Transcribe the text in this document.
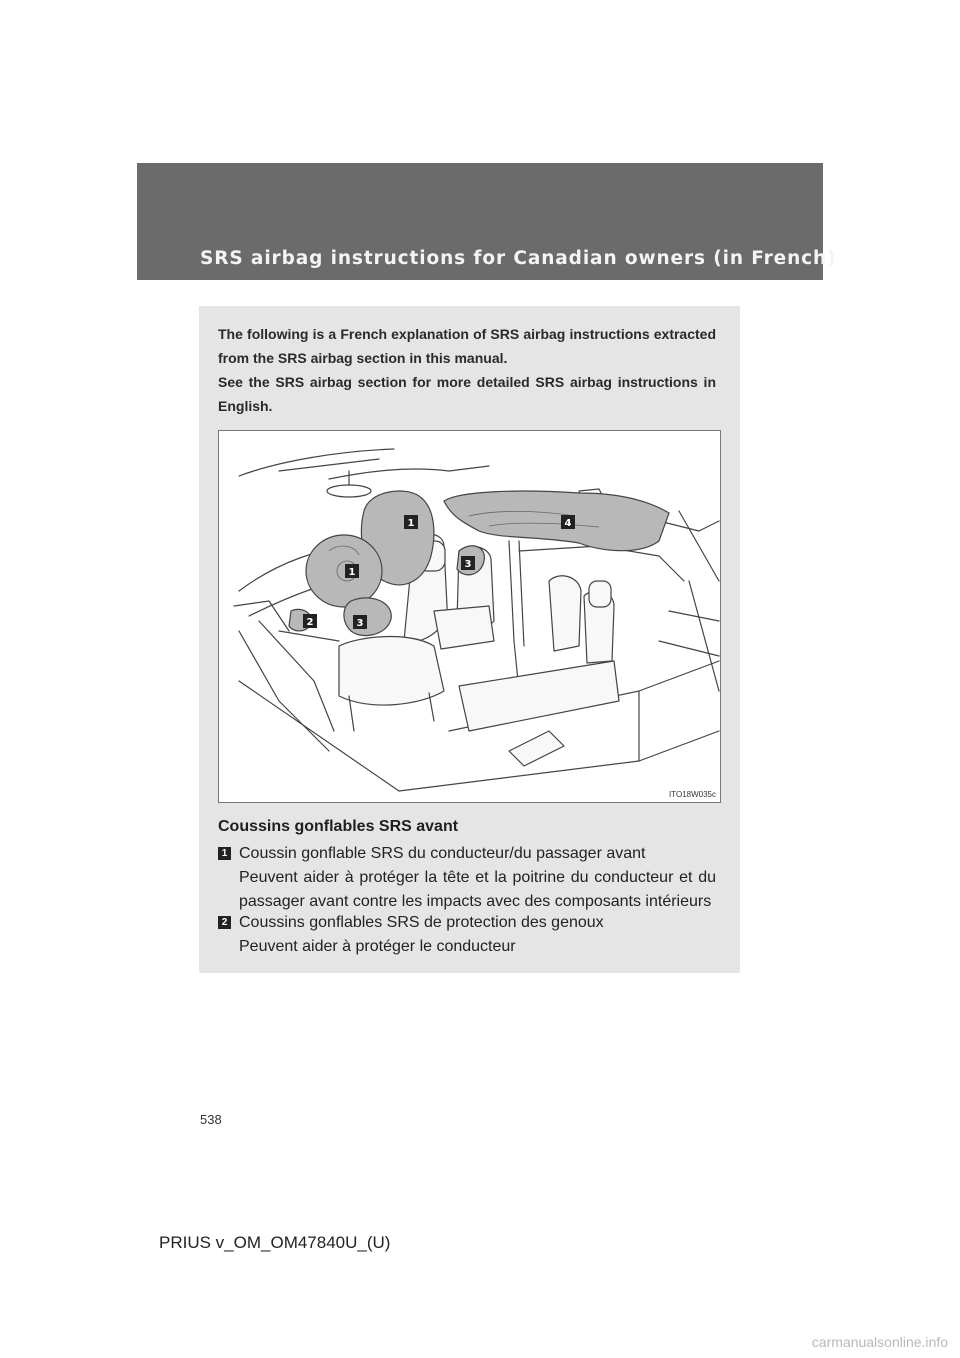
SRS airbag instructions for Canadian owners (in French)

The following is a French explanation of SRS airbag instructions extracted from the SRS airbag section in this manual.

See the SRS airbag section for more detailed SRS airbag instructions in English.

1
1
2	3
3
4
ITO18W035c
Coussins gonflables SRS avant
1 Coussin gonflable SRS du conducteur/du passager avant
Peuvent aider à protéger la tête et la poitrine du conducteur et du passager avant contre les impacts avec des composants intérieurs
2 Coussins gonflables SRS de protection des genoux
Peuvent aider à protéger le conducteur
538
PRIUS v_OM_OM47840U_(U)
carmanualsonline.info
